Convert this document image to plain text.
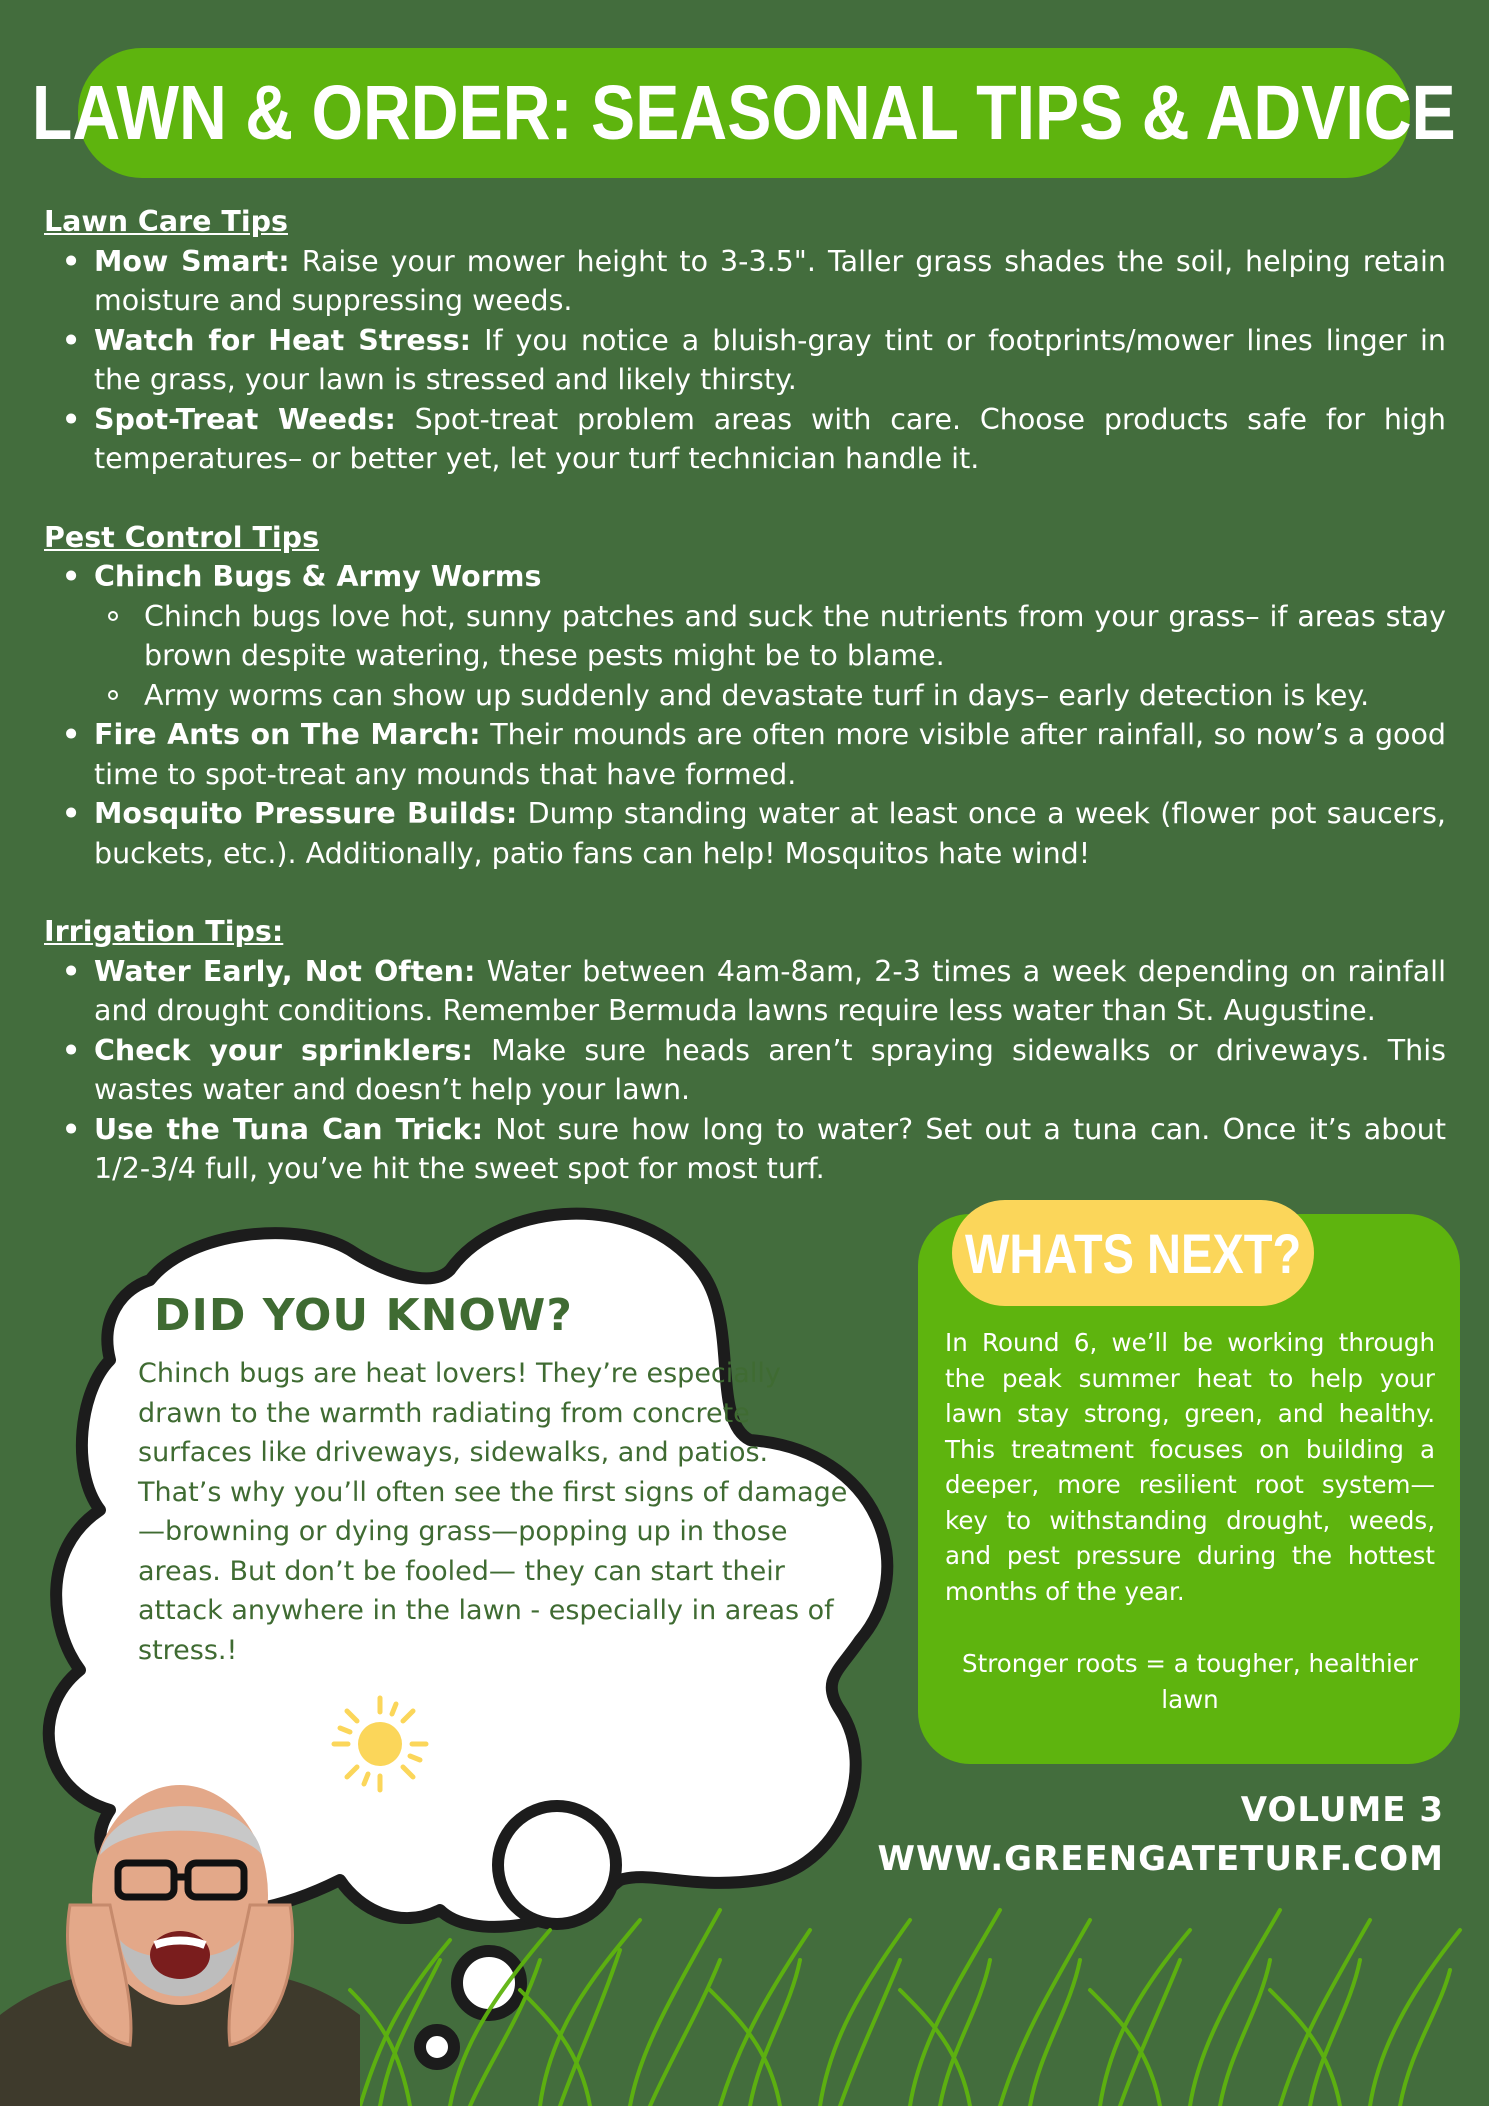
LAWN & ORDER: SEASONAL TIPS & ADVICE

Lawn Care Tips

• Mow Smart: Raise your mower height to 3-3.5". Taller grass shades the soil, helping retain moisture and suppressing weeds.
• Watch for Heat Stress: If you notice a bluish-gray tint or footprints/mower lines linger in the grass, your lawn is stressed and likely thirsty.
• Spot-Treat Weeds: Spot-treat problem areas with care. Choose products safe for high temperatures– or better yet, let your turf technician handle it.

Pest Control Tips

• Chinch Bugs & Army Worms
Chinch bugs love hot, sunny patches and suck the nutrients from your grass– if areas stay brown despite watering, these pests might be to blame.
Army worms can show up suddenly and devastate turf in days– early detection is key.
• Fire Ants on The March: Their mounds are often more visible after rainfall, so now’s a good time to spot-treat any mounds that have formed.
• Mosquito Pressure Builds: Dump standing water at least once a week (flower pot saucers, buckets, etc.). Additionally, patio fans can help! Mosquitos hate wind!

Irrigation Tips:

• Water Early, Not Often: Water between 4am-8am, 2-3 times a week depending on rainfall and drought conditions. Remember Bermuda lawns require less water than St. Augustine.
• Check your sprinklers: Make sure heads aren’t spraying sidewalks or driveways. This wastes water and doesn’t help your lawn.
• Use the Tuna Can Trick: Not sure how long to water? Set out a tuna can. Once it’s about 1/2-3/4 full, you’ve hit the sweet spot for most turf.
DID YOU KNOW?
Chinch bugs are heat lovers! They’re especially drawn to the warmth radiating from concrete surfaces like driveways, sidewalks, and patios. That’s why you’ll often see the first signs of damage—browning or dying grass—popping up in those areas. But don’t be fooled— they can start their attack anywhere in the lawn - especially in areas of stress.!
WHATS NEXT?
In Round 6, we’ll be working through the peak summer heat to help your lawn stay strong, green, and healthy. This treatment focuses on building a deeper, more resilient root system—key to withstanding drought, weeds, and pest pressure during the hottest months of the year.
Stronger roots = a tougher, healthier lawn
VOLUME 3
WWW.GREENGATETURF.COM
